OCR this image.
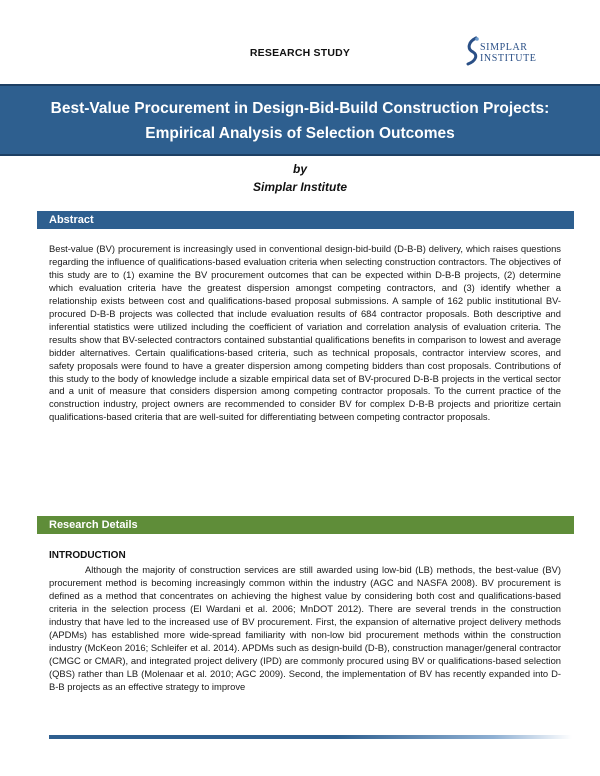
RESEARCH STUDY	SIMPLAR
INSTITUTE
Best-Value Procurement in Design-Bid-Build Construction Projects:
Empirical Analysis of Selection Outcomes
by
Simplar Institute
Abstract
Best-value (BV) procurement is increasingly used in conventional design-bid-build (D-B-B) delivery, which raises questions regarding the influence of qualifications-based evaluation criteria when selecting construction contractors. The objectives of this study are to (1) examine the BV procurement outcomes that can be expected within D-B-B projects, (2) determine which evaluation criteria have the greatest dispersion amongst competing contractors, and (3) identify whether a relationship exists between cost and qualifications-based proposal submissions. A sample of 162 public institutional BV-procured D-B-B projects was collected that include evaluation results of 684 contractor proposals. Both descriptive and inferential statistics were utilized including the coefficient of variation and correlation analysis of evaluation criteria. The results show that BV-selected contractors contained substantial qualifications benefits in comparison to lowest and average bidder alternatives. Certain qualifications-based criteria, such as technical proposals, contractor interview scores, and safety proposals were found to have a greater dispersion among competing bidders than cost proposals. Contributions of this study to the body of knowledge include a sizable empirical data set of BV-procured D-B-B projects in the vertical sector and a unit of measure that considers dispersion among competing contractor proposals. To the current practice of the construction industry, project owners are recommended to consider BV for complex D-B-B projects and prioritize certain qualifications-based criteria that are well-suited for differentiating between competing contractor proposals.
Research Details
INTRODUCTION
Although the majority of construction services are still awarded using low-bid (LB) methods, the best-value (BV) procurement method is becoming increasingly common within the industry (AGC and NASFA 2008). BV procurement is defined as a method that concentrates on achieving the highest value by considering both cost and qualifications-based criteria in the selection process (El Wardani et al. 2006; MnDOT 2012). There are several trends in the construction industry that have led to the increased use of BV procurement. First, the expansion of alternative project delivery methods (APDMs) has established more wide-spread familiarity with non-low bid procurement methods within the construction industry (McKeon 2016; Schleifer et al. 2014). APDMs such as design-build (D-B), construction manager/general contractor (CMGC or CMAR), and integrated project delivery (IPD) are commonly procured using BV or qualifications-based selection (QBS) rather than LB (Molenaar et al. 2010; AGC 2009). Second, the implementation of BV has recently expanded into D-B-B projects as an effective strategy to improve
